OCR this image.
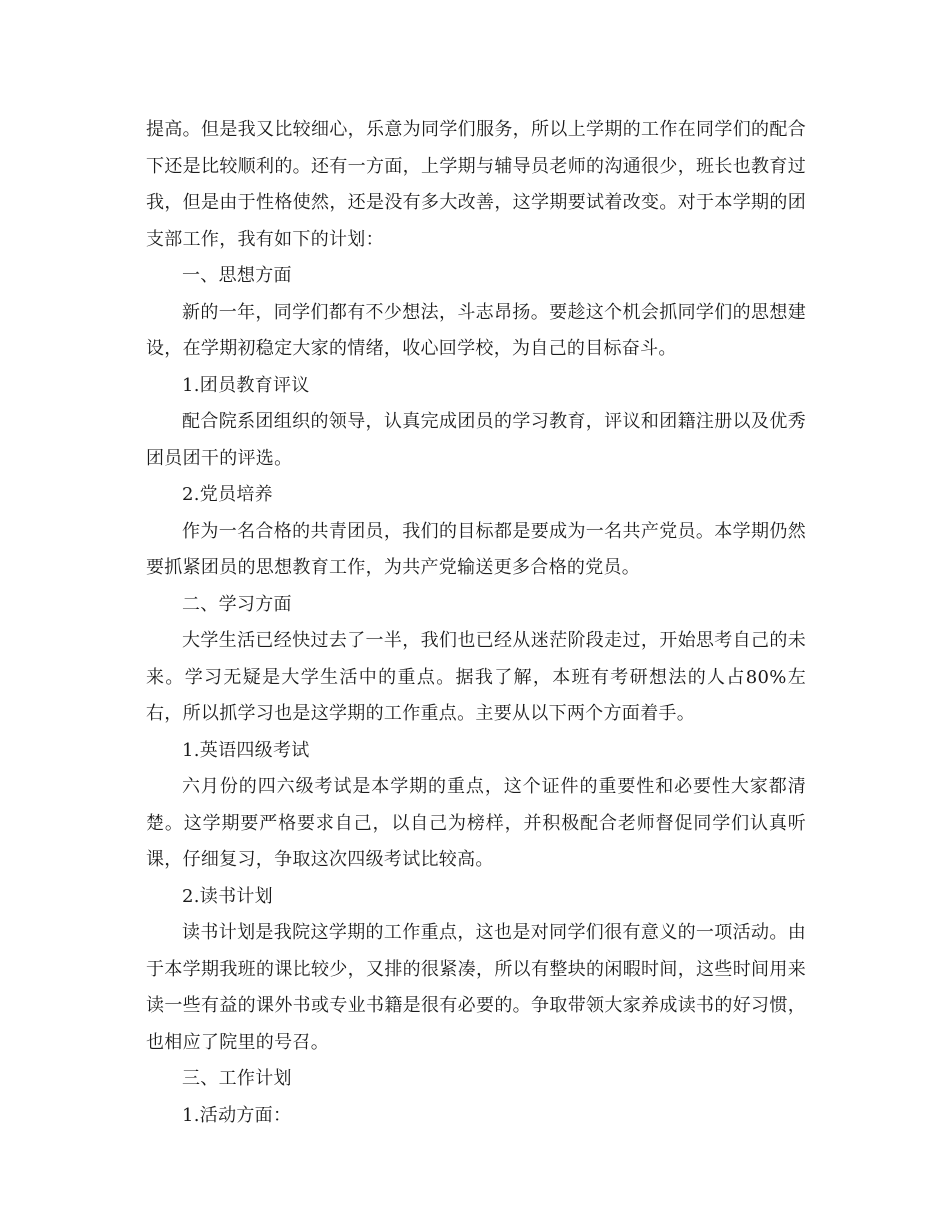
提高。但是我又比较细心，乐意为同学们服务，所以上学期的工作在同学们的配合下还是比较顺利的。还有一方面，上学期与辅导员老师的沟通很少，班长也教育过我，但是由于性格使然，还是没有多大改善，这学期要试着改变。对于本学期的团支部工作，我有如下的计划：

一、思想方面

新的一年，同学们都有不少想法，斗志昂扬。要趁这个机会抓同学们的思想建设，在学期初稳定大家的情绪，收心回学校，为自己的目标奋斗。

1.团员教育评议

配合院系团组织的领导，认真完成团员的学习教育，评议和团籍注册以及优秀团员团干的评选。

2.党员培养

作为一名合格的共青团员，我们的目标都是要成为一名共产党员。本学期仍然要抓紧团员的思想教育工作，为共产党输送更多合格的党员。

二、学习方面

大学生活已经快过去了一半，我们也已经从迷茫阶段走过，开始思考自己的未来。学习无疑是大学生活中的重点。据我了解，本班有考研想法的人占80%左右，所以抓学习也是这学期的工作重点。主要从以下两个方面着手。

1.英语四级考试

六月份的四六级考试是本学期的重点，这个证件的重要性和必要性大家都清楚。这学期要严格要求自己，以自己为榜样，并积极配合老师督促同学们认真听课，仔细复习，争取这次四级考试比较高。

2.读书计划

读书计划是我院这学期的工作重点，这也是对同学们很有意义的一项活动。由于本学期我班的课比较少，又排的很紧凑，所以有整块的闲暇时间，这些时间用来读一些有益的课外书或专业书籍是很有必要的。争取带领大家养成读书的好习惯，也相应了院里的号召。

三、工作计划

1.活动方面：
